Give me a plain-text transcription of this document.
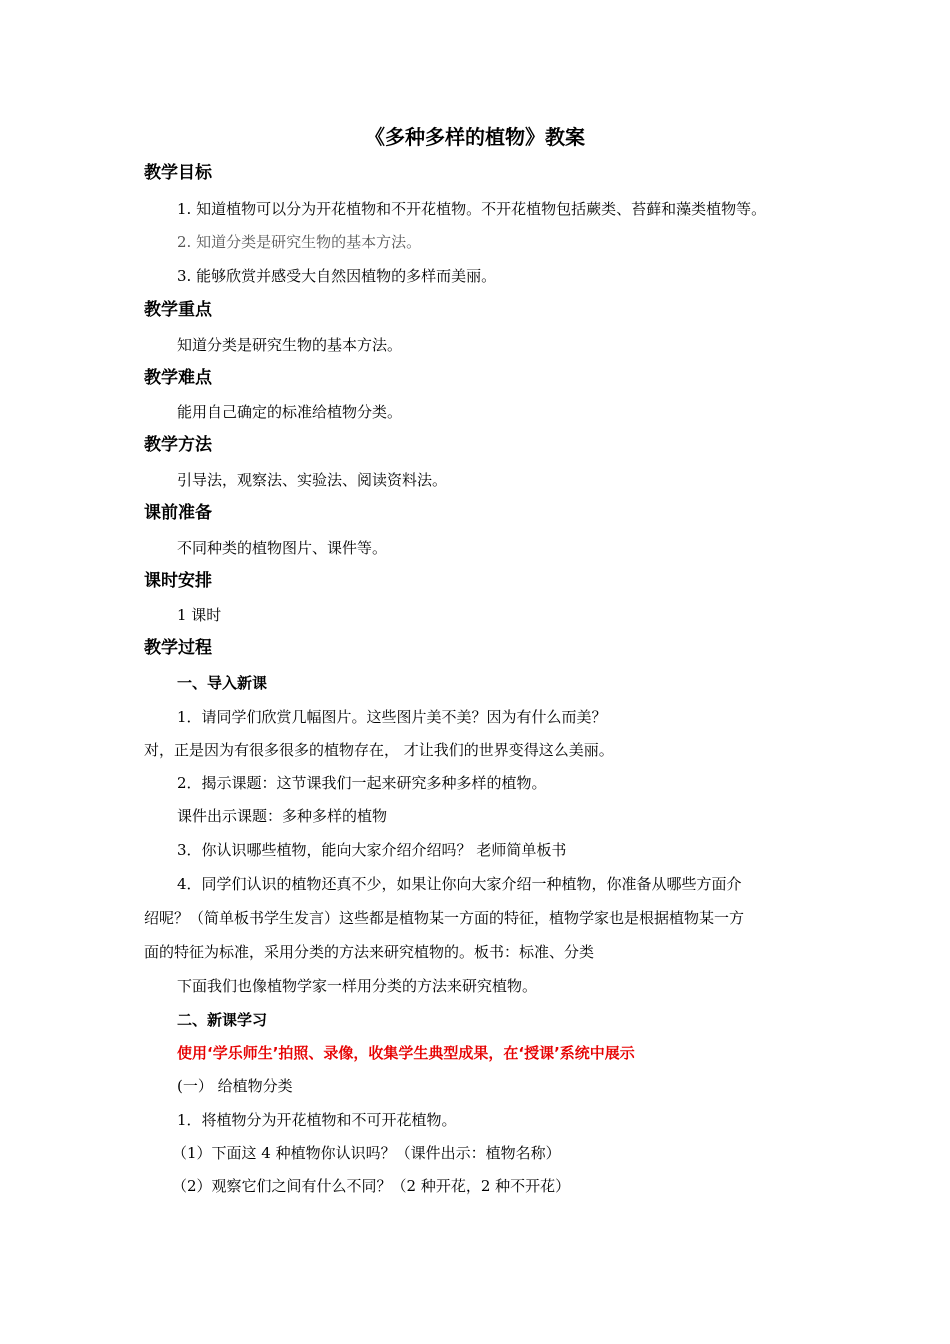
《多种多样的植物》教案
教学目标
1. 知道植物可以分为开花植物和不开花植物。不开花植物包括蕨类、苔藓和藻类植物等。
2. 知道分类是研究生物的基本方法。
3. 能够欣赏并感受大自然因植物的多样而美丽。
教学重点
知道分类是研究生物的基本方法。
教学难点
能用自己确定的标准给植物分类。
教学方法
引导法，观察法、实验法、阅读资料法。
课前准备
不同种类的植物图片、课件等。
课时安排
1 课时
教学过程
一、导入新课
1．请同学们欣赏几幅图片。这些图片美不美？因为有什么而美？
对，正是因为有很多很多的植物存在， 才让我们的世界变得这么美丽。
2．揭示课题：这节课我们一起来研究多种多样的植物。
课件出示课题：多种多样的植物
3．你认识哪些植物，能向大家介绍介绍吗？ 老师简单板书
4．同学们认识的植物还真不少，如果让你向大家介绍一种植物，你准备从哪些方面介
绍呢？（简单板书学生发言）这些都是植物某一方面的特征，植物学家也是根据植物某一方
面的特征为标准，采用分类的方法来研究植物的。板书：标准、分类
下面我们也像植物学家一样用分类的方法来研究植物。
二、新课学习
使用‘学乐师生’拍照、录像，收集学生典型成果，在‘授课’系统中展示
(一） 给植物分类
1．将植物分为开花植物和不可开花植物。
（1）下面这 4 种植物你认识吗？（课件出示：植物名称）
（2）观察它们之间有什么不同？（2 种开花，2 种不开花）
